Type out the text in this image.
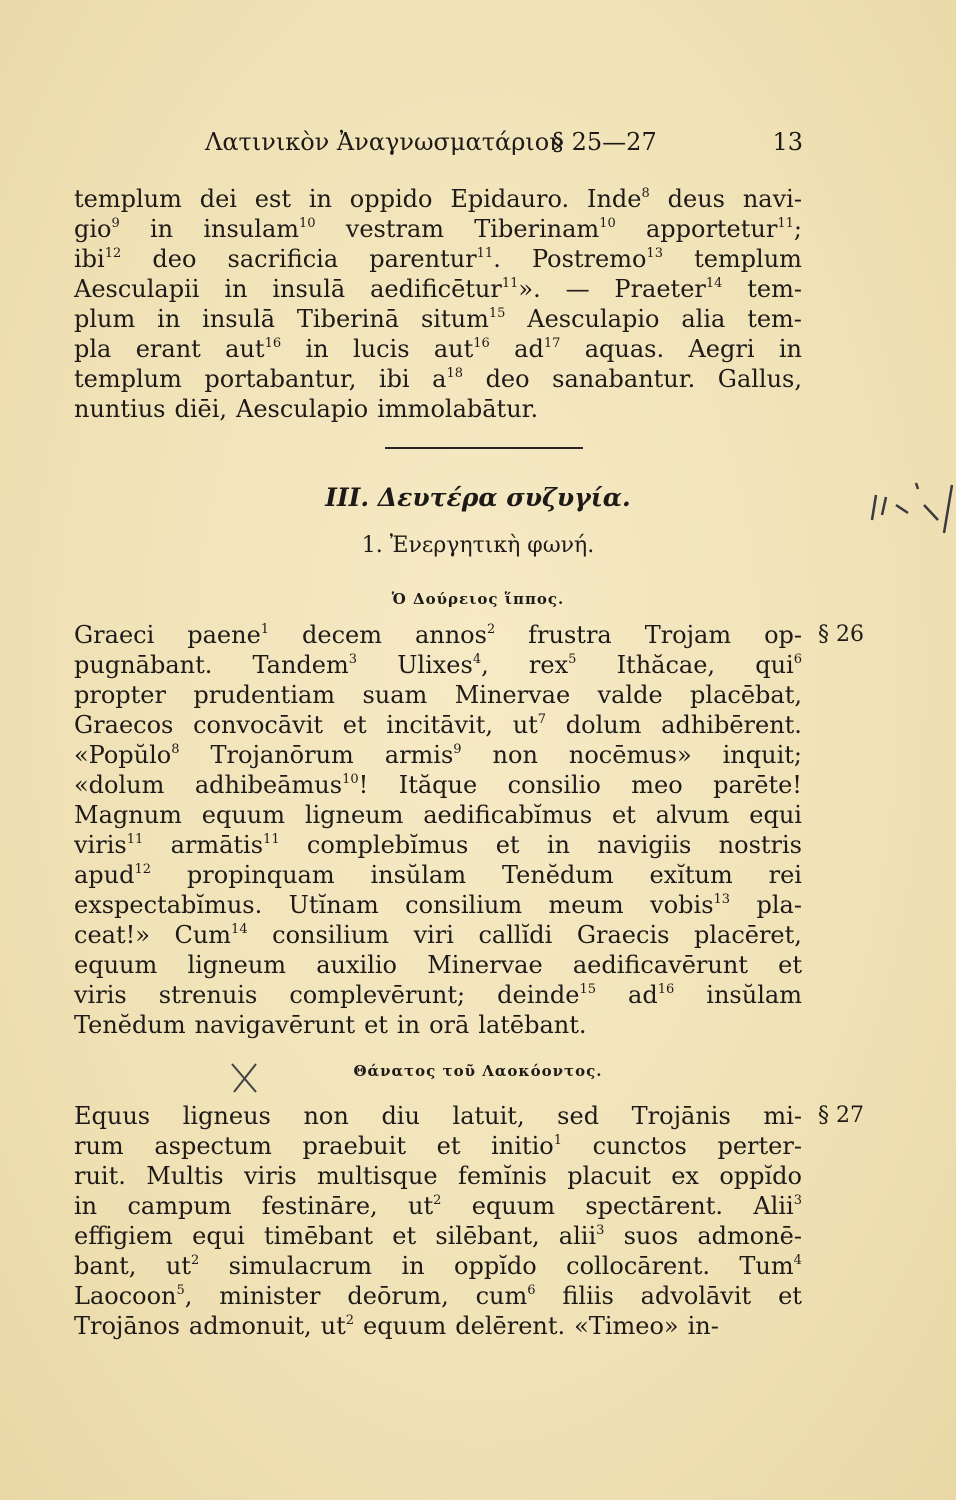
Λατινικὸν Ἀναγνωσματάριον
§ 25—27	13
templum dei est in oppido Epidauro. Inde$^8$ deus navi-
gio$^9$ in insulam$^{10}$ vestram Tiberinam$^{10}$ apportetur$^{11}$;
ibi$^{12}$ deo sacrificia parentur$^{11}$. Postremo$^{13}$ templum
Aesculapii in insulā aedificētur$^{11}$». — Praeter$^{14}$ tem-
plum in insulā Tiberinā situm$^{15}$ Aesculapio alia tem-
pla erant aut$^{16}$ in lucis aut$^{16}$ $ad^{17}$ aquas. Aegri in
templum portabantur, ibi $a^{18}$ deo sanabantur. Gallus,
nuntius diēi, Aesculapio immolabātur.
III. Δευτέρα συζυγία.
1. Ἐνεργητικὴ φωνή.
Ὁ Δούρειος ἵππος.
§ 26
Graeci paene$^1$ decem annos$^2$ frustra Trojam op-
pugnābant. Tandem$^3$ Ulixes$^4$, rex$^5$ Ithăcae, qui$^6$
propter prudentiam suam Minervae valde placēbat,
Graecos convocāvit et incitāvit, $ut^7$ dolum adhibērent.
«Popŭlo$^8$ Trojanōrum armis$^9$ non nocēmus» inquit;
«dolum adhibeāmus$^{10}$! Ităque consilio meo parēte!
Magnum equum ligneum aedificabĭmus et alvum equi
viris$^{11}$ armātis$^{11}$ complebĭmus et in navigiis nostris
apud$^{12}$ propinquam insŭlam Tenĕdum exĭtum rei
exspectabĭmus. Utĭnam consilium meum vobis$^{13}$ pla-
ceat!» Cum$^{14}$ consilium viri callĭdi Graecis placēret,
equum ligneum auxilio Minervae aedificavērunt et
viris strenuis complevērunt; deinde$^{15}$ $ad^{16}$ insŭlam
Tenĕdum navigavērunt et in orā latēbant.
Θάνατος τοῦ Λαοκόοντος.
§ 27
Equus ligneus non diu latuit, sed Trojānis mi-
rum aspectum praebuit et initio$^1$ cunctos perter-
ruit. Multis viris multisque femĭnis placuit ex oppĭdo
in campum festināre, $ut^2$ equum spectārent. Alii$^3$
effigiem equi timēbant et silēbant, alii$^3$ suos admonē-
bant, $ut^2$ simulacrum in oppĭdo collocārent. Tum$^4$
Laocoon$^5$, minister deōrum, cum$^6$ filiis advolāvit et
Trojānos admonuit, $ut^2$ equum delērent. «Timeo» in-
